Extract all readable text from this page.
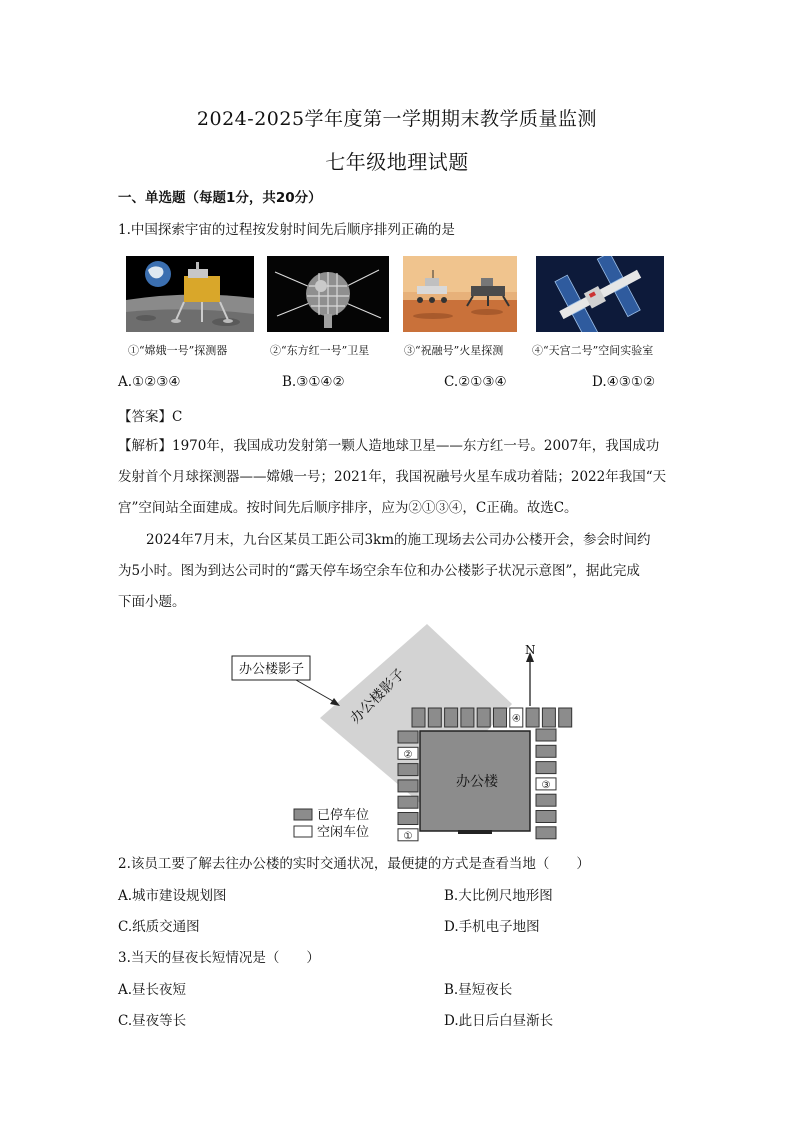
2024-2025学年度第一学期期末教学质量监测
七年级地理试题
一、单选题（每题1分，共20分）
1.中国探索宇宙的过程按发射时间先后顺序排列正确的是
①“嫦娥一号”探测器	②“东方红一号”卫星	③“祝融号”火星探测	④“天宫二号”空间实验室
A.①②③④	B.③①④②	C.②①③④	D.④③①②
【答案】C
【解析】1970年，我国成功发射第一颗人造地球卫星——东方红一号。2007年，我国成功
发射首个月球探测器——嫦娥一号；2021年，我国祝融号火星车成功着陆；2022年我国“天
宫”空间站全面建成。按时间先后顺序排序，应为②①③④，C正确。故选C。
2024年7月末，九台区某员工距公司3km的施工现场去公司办公楼开会，参会时间约
为5小时。图为到达公司时的“露天停车场空余车位和办公楼影子状况示意图”，据此完成
下面小题。
办公楼影子
办公楼影子
N
办公楼
④
②
①
③
已停车位
空闲车位
2.该员工要了解去往办公楼的实时交通状况，最便捷的方式是查看当地（　　）
A.城市建设规划图	B.大比例尺地形图
C.纸质交通图	D.手机电子地图
3.当天的昼夜长短情况是（　　）
A.昼长夜短	B.昼短夜长
C.昼夜等长	D.此日后白昼渐长
